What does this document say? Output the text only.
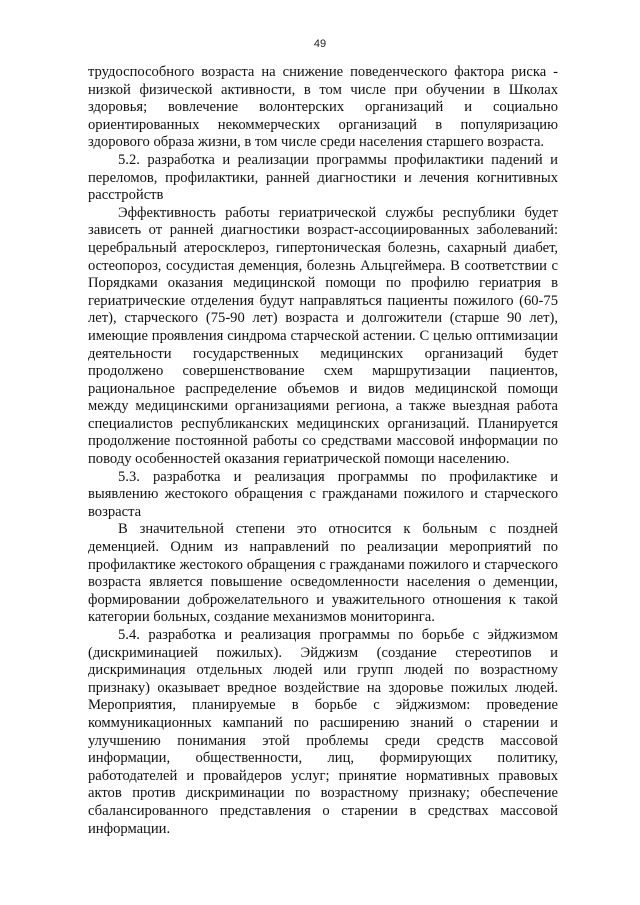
49

трудоспособного возраста на снижение поведенческого фактора риска - низкой физической активности, в том числе при обучении в Школах здоровья; вовлечение волонтерских организаций и социально ориентированных некоммерческих организаций в популяризацию здорового образа жизни, в том числе среди населения старшего возраста.

5.2. разработка и реализации программы профилактики падений и переломов, профилактики, ранней диагностики и лечения когнитивных расстройств

Эффективность работы гериатрической службы республики будет зависеть от ранней диагностики возраст-ассоциированных заболеваний: церебральный атеросклероз, гипертоническая болезнь, сахарный диабет, остеопороз, сосудистая деменция, болезнь Альцгеймера. В соответствии с Порядками оказания медицинской помощи по профилю гериатрия в гериатрические отделения будут направляться пациенты пожилого (60-75 лет), старческого (75-90 лет) возраста и долгожители (старше 90 лет), имеющие проявления синдрома старческой астении. С целью оптимизации деятельности государственных медицинских организаций будет продолжено совершенствование схем маршрутизации пациентов, рациональное распределение объемов и видов медицинской помощи между медицинскими организациями региона, а также выездная работа специалистов республиканских медицинских организаций. Планируется продолжение постоянной работы со средствами массовой информации по поводу особенностей оказания гериатрической помощи населению.

5.3. разработка и реализация программы по профилактике и выявлению жестокого обращения с гражданами пожилого и старческого возраста

В значительной степени это относится к больным с поздней деменцией. Одним из направлений по реализации мероприятий по профилактике жестокого обращения с гражданами пожилого и старческого возраста является повышение осведомленности населения о деменции, формировании доброжелательного и уважительного отношения к такой категории больных, создание механизмов мониторинга.

5.4. разработка и реализация программы по борьбе с эйджизмом (дискриминацией пожилых). Эйджизм (создание стереотипов и дискриминация отдельных людей или групп людей по возрастному признаку) оказывает вредное воздействие на здоровье пожилых людей. Мероприятия, планируемые в борьбе с эйджизмом: проведение коммуникационных кампаний по расширению знаний о старении и улучшению понимания этой проблемы среди средств массовой информации, общественности, лиц, формирующих политику, работодателей и провайдеров услуг; принятие нормативных правовых актов против дискриминации по возрастному признаку; обеспечение сбалансированного представления о старении в средствах массовой информации.
